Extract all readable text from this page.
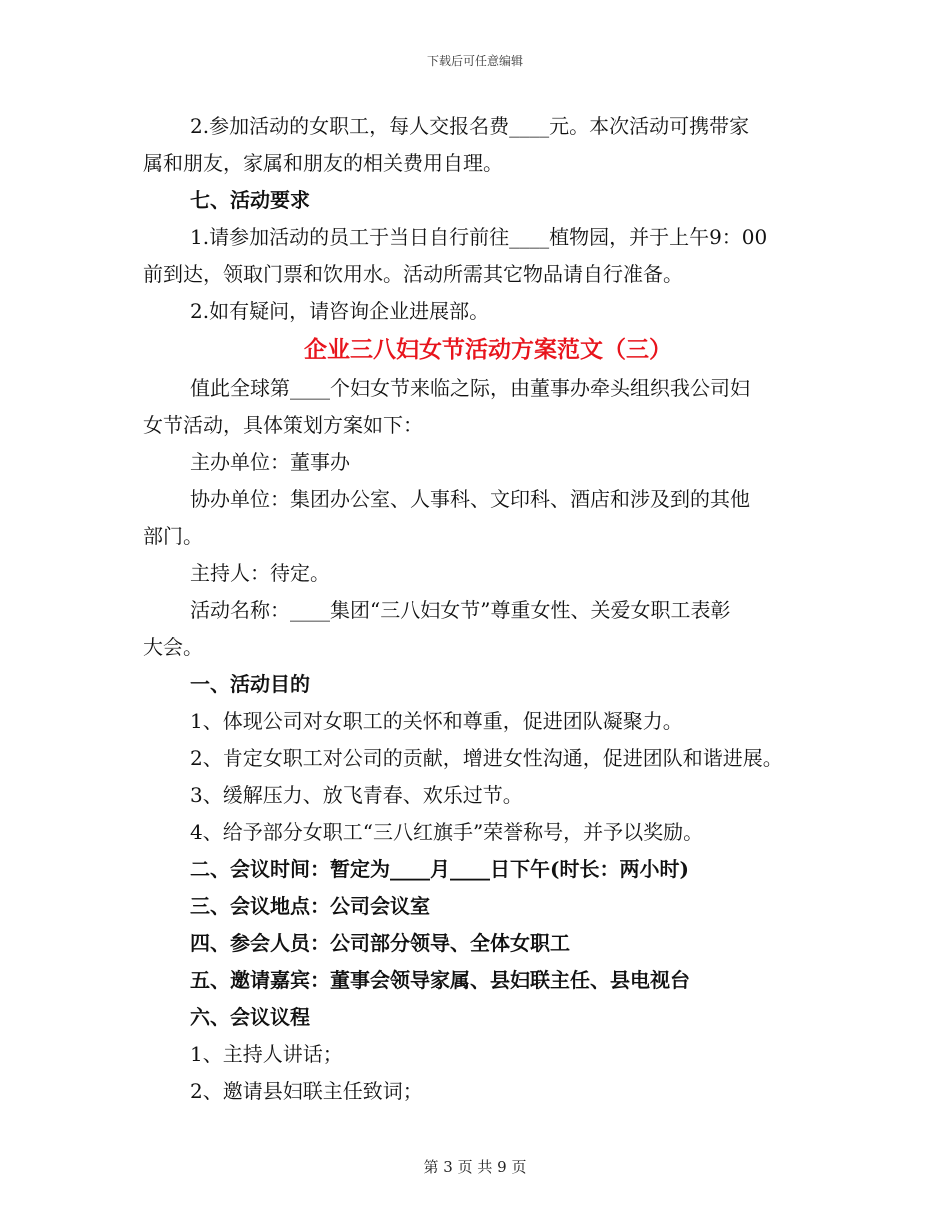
下载后可任意编辑

2.参加活动的女职工，每人交报名费____元。本次活动可携带家

属和朋友，家属和朋友的相关费用自理。

七、活动要求

1.请参加活动的员工于当日自行前往____植物园，并于上午9：00

前到达，领取门票和饮用水。活动所需其它物品请自行准备。

2.如有疑问，请咨询企业进展部。

企业三八妇女节活动方案范文（三）

值此全球第____个妇女节来临之际，由董事办牵头组织我公司妇

女节活动，具体策划方案如下：

主办单位：董事办

协办单位：集团办公室、人事科、文印科、酒店和涉及到的其他

部门。

主持人：待定。

活动名称：____集团“三八妇女节”尊重女性、关爱女职工表彰

大会。

一、活动目的

1、体现公司对女职工的关怀和尊重，促进团队凝聚力。

2、肯定女职工对公司的贡献，增进女性沟通，促进团队和谐进展。

3、缓解压力、放飞青春、欢乐过节。

4、给予部分女职工“三八红旗手”荣誉称号，并予以奖励。

二、会议时间：暂定为____月____日下午(时长：两小时)

三、会议地点：公司会议室

四、参会人员：公司部分领导、全体女职工

五、邀请嘉宾：董事会领导家属、县妇联主任、县电视台

六、会议议程

1、主持人讲话；

2、邀请县妇联主任致词；

第 3 页 共 9 页
